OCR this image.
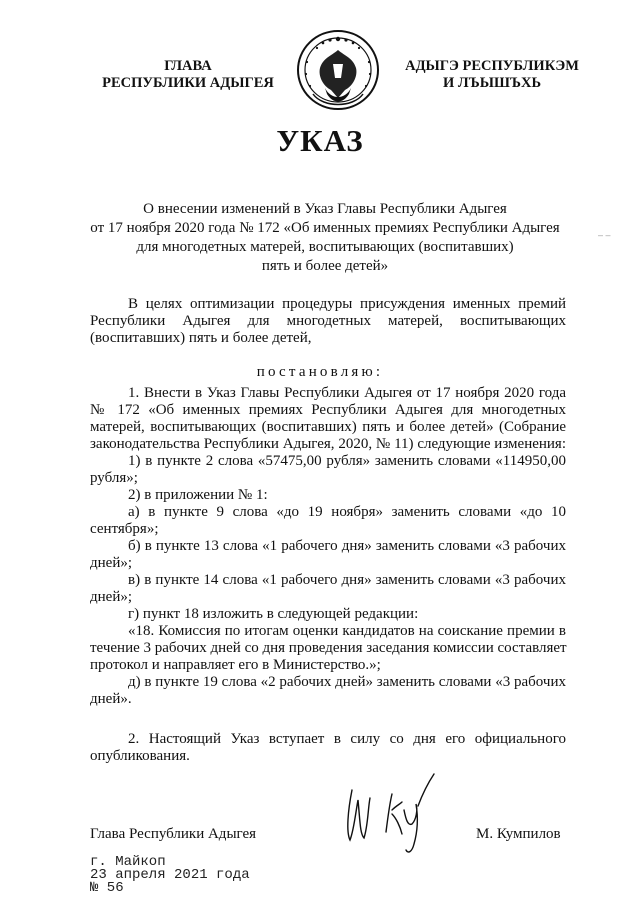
ГЛАВА
РЕСПУБЛИКИ АДЫГЕЯ
АДЫГЭ РЕСПУБЛИКЭМ
И ЛЪЫШЪХЬ
УКАЗ
О внесении изменений в Указ Главы Республики Адыгея
от 17 ноября 2020 года № 172 «Об именных премиях Республики Адыгея
для многодетных матерей, воспитывающих (воспитавших)
пять и более детей»
– –
В целях оптимизации процедуры присуждения именных премий
Республики Адыгея для многодетных матерей, воспитывающих
(воспитавших) пять и более детей,
постановляю:
1. Внести в Указ Главы Республики Адыгея от 17 ноября 2020 года
№ 172 «Об именных премиях Республики Адыгея для многодетных
матерей, воспитывающих (воспитавших) пять и более детей» (Собрание
законодательства Республики Адыгея, 2020, № 11) следующие изменения:
1) в пункте 2 слова «57475,00 рубля» заменить словами «114950,00
рубля»;
2) в приложении № 1:
а) в пункте 9 слова «до 19 ноября» заменить словами «до 10
сентября»;
б) в пункте 13 слова «1 рабочего дня» заменить словами «3 рабочих
дней»;
в) в пункте 14 слова «1 рабочего дня» заменить словами «3 рабочих
дней»;
г) пункт 18 изложить в следующей редакции:
«18. Комиссия по итогам оценки кандидатов на соискание премии в
течение 3 рабочих дней со дня проведения заседания комиссии составляет
протокол и направляет его в Министерство.»;
д) в пункте 19 слова «2 рабочих дней» заменить словами «3 рабочих
дней».
2. Настоящий Указ вступает в силу со дня его официального
опубликования.
Глава Республики Адыгея	М. Кумпилов
г. Майкоп
23 апреля 2021 года
№ 56
